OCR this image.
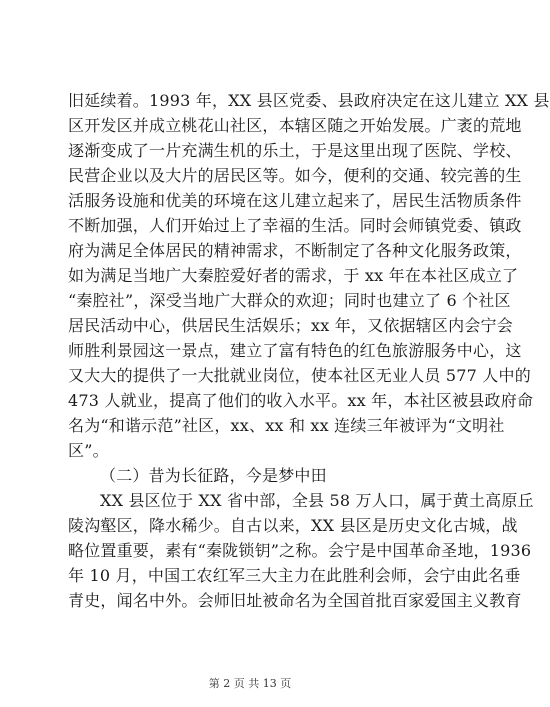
旧延续着。1993 年，XX 县区党委、县政府决定在这儿建立 XX 县
区开发区并成立桃花山社区，本辖区随之开始发展。广袤的荒地
逐渐变成了一片充满生机的乐土，于是这里出现了医院、学校、
民营企业以及大片的居民区等。如今，便利的交通、较完善的生
活服务设施和优美的环境在这儿建立起来了，居民生活物质条件
不断加强，人们开始过上了幸福的生活。同时会师镇党委、镇政
府为满足全体居民的精神需求，不断制定了各种文化服务政策，
如为满足当地广大秦腔爱好者的需求，于 xx 年在本社区成立了
“秦腔社”，深受当地广大群众的欢迎；同时也建立了 6 个社区
居民活动中心，供居民生活娱乐；xx 年，又依据辖区内会宁会
师胜利景园这一景点，建立了富有特色的红色旅游服务中心，这
又大大的提供了一大批就业岗位，使本社区无业人员 577 人中的
473 人就业，提高了他们的收入水平。xx 年，本社区被县政府命
名为“和谐示范”社区，xx、xx 和 xx 连续三年被评为“文明社
区”。
（二）昔为长征路，今是梦中田
XX 县区位于 XX 省中部，全县 58 万人口，属于黄土高原丘
陵沟壑区，降水稀少。自古以来，XX 县区是历史文化古城，战
略位置重要，素有“秦陇锁钥”之称。会宁是中国革命圣地，1936
年 10 月，中国工农红军三大主力在此胜利会师，会宁由此名垂
青史，闻名中外。会师旧址被命名为全国首批百家爱国主义教育
第 2 页 共 13 页
